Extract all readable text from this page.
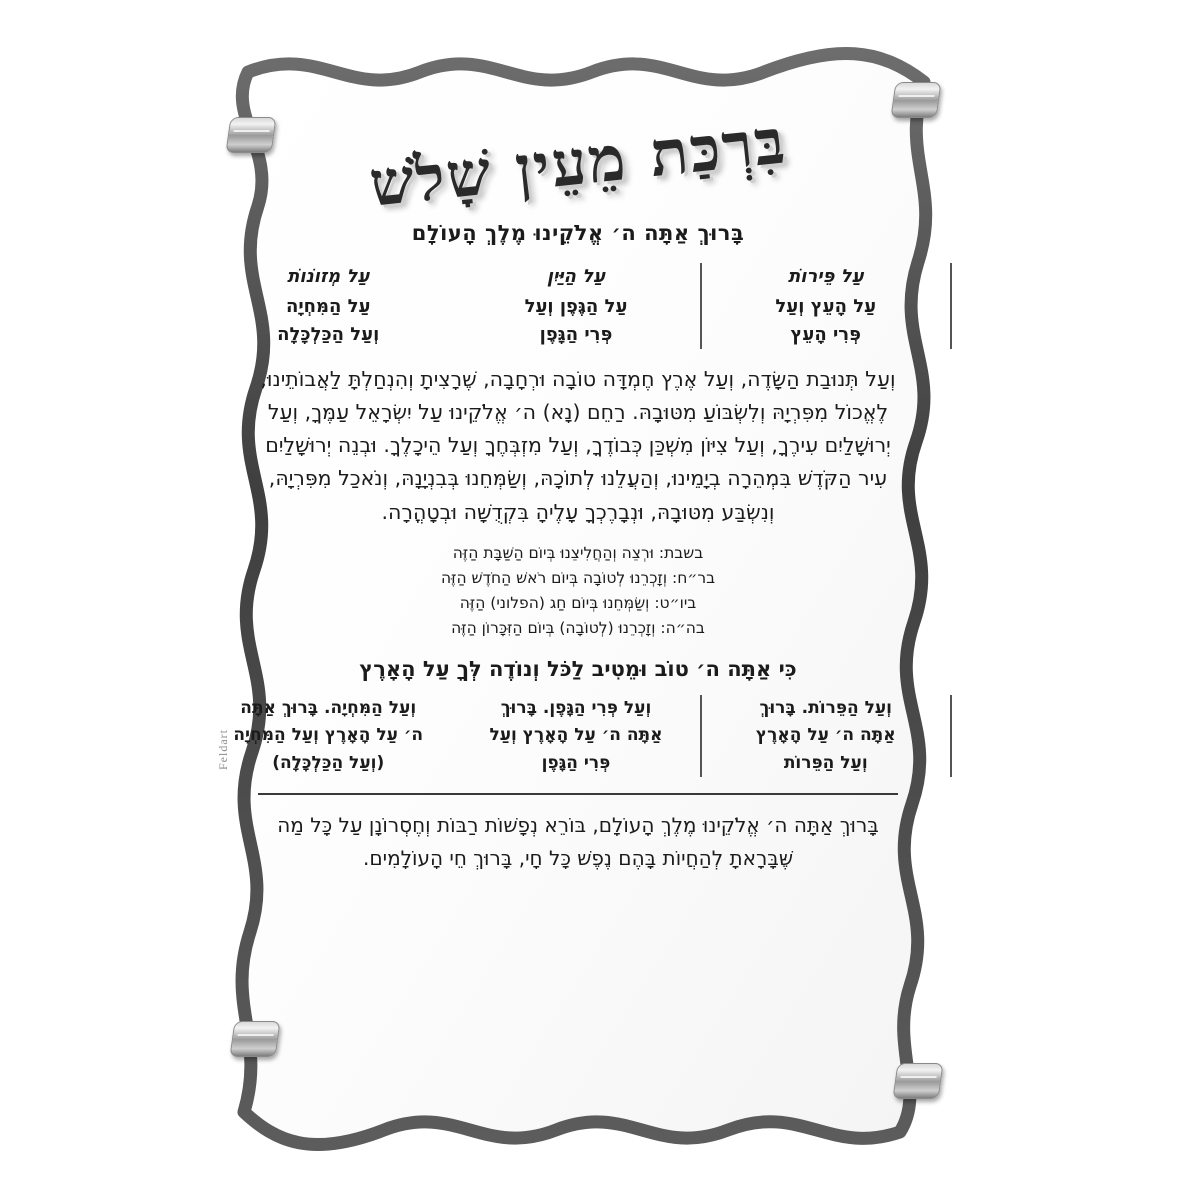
בִּרְכַּת מֵעֵין שָׁלֹשׁ
בָּרוּךְ אַתָּה ה׳ אֱלֹקֵינוּ מֶלֶךְ הָעוֹלָם
עַל מְזוֹנוֹת
עַל הַמִּחְיָה
וְעַל הַכַּלְכָּלָה
עַל הַיַּיִן
עַל הַגֶּפֶן וְעַל
פְּרִי הַגָּפֶן
עַל פֵּירוֹת
עַל הָעֵץ וְעַל
פְּרִי הָעֵץ
וְעַל תְּנוּבַת הַשָּׂדֶה, וְעַל אֶרֶץ חֶמְדָּה טוֹבָה וּרְחָבָה, שֶׁרָצִיתָ וְהִנְחַלְתָּ לַאֲבוֹתֵינוּ, לֶאֱכוֹל מִפִּרְיָהּ וְלִשְׂבּוֹעַ מִטּוּבָהּ. רַחֵם (נָא) ה׳ אֱלֹקֵינוּ עַל יִשְׂרָאֵל עַמֶּךָ, וְעַל יְרוּשָׁלַיִם עִירֶךָ, וְעַל צִיּוֹן מִשְׁכַּן כְּבוֹדֶךָ, וְעַל מִזְבְּחֶךָ וְעַל הֵיכָלֶךָ. וּבְנֵה יְרוּשָׁלַיִם עִיר הַקֹּדֶשׁ בִּמְהֵרָה בְיָמֵינוּ, וְהַעֲלֵנוּ לְתוֹכָהּ, וְשַׂמְּחֵנוּ בְּבִנְיָנָהּ, וְנֹאכַל מִפִּרְיָהּ, וְנִשְׂבַּע מִטּוּבָהּ, וּנְבָרֶכְךָ עָלֶיהָ בִּקְדֻשָּׁה וּבְטָהֳרָה.
בשבת: וּרְצֵה וְהַחֲלִיצֵנוּ בְּיוֹם הַשַּׁבָּת הַזֶּה
בר״ח: וְזָכְרֵנוּ לְטוֹבָה בְּיוֹם רֹאשׁ הַחֹדֶשׁ הַזֶּה
ביו״ט: וְשַׂמְּחֵנוּ בְּיוֹם חַג (הפלוני) הַזֶּה
בה״ה: וְזָכְרֵנוּ (לְטוֹבָה) בְּיוֹם הַזִּכָּרוֹן הַזֶּה
כִּי אַתָּה ה׳ טוֹב וּמֵטִיב לַכֹּל וְנוֹדֶה לְּךָ עַל הָאָרֶץ
וְעַל הַמִּחְיָה. בָּרוּךְ אַתָּה
ה׳ עַל הָאָרֶץ וְעַל הַמִּחְיָה
(וְעַל הַכַּלְכָּלָה)
וְעַל פְּרִי הַגָּפֶן. בָּרוּךְ
אַתָּה ה׳ עַל הָאָרֶץ וְעַל
פְּרִי הַגָּפֶן
וְעַל הַפֵּרוֹת. בָּרוּךְ
אַתָּה ה׳ עַל הָאָרֶץ
וְעַל הַפֵּרוֹת
בָּרוּךְ אַתָּה ה׳ אֱלֹקֵינוּ מֶלֶךְ הָעוֹלָם, בּוֹרֵא נְפָשׁוֹת רַבּוֹת וְחֶסְרוֹנָן עַל כָּל מַה שֶּׁבָּרָאתָ לְהַחֲיוֹת בָּהֶם נֶפֶשׁ כָּל חָי, בָּרוּךְ חֵי הָעוֹלָמִים.
Feldart
